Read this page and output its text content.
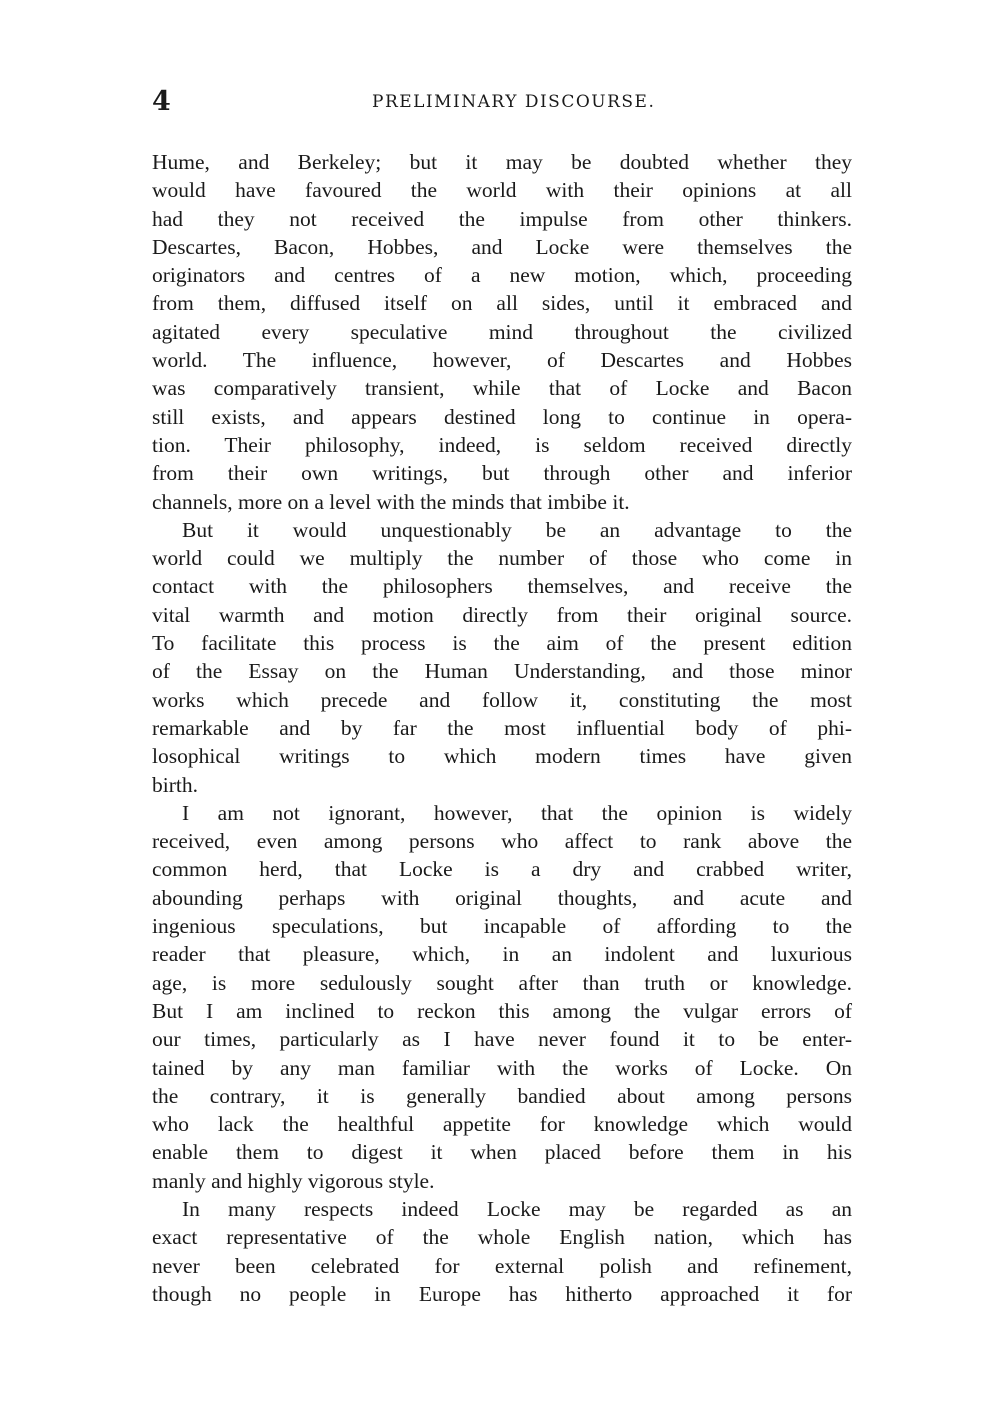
4	PRELIMINARY DISCOURSE.

Hume, and Berkeley; but it may be doubted whether they
would have favoured the world with their opinions at all
had they not received the impulse from other thinkers.
Descartes, Bacon, Hobbes, and Locke were themselves the
originators and centres of a new motion, which, proceeding
from them, diffused itself on all sides, until it embraced and
agitated every speculative mind throughout the civilized
world. The influence, however, of Descartes and Hobbes
was comparatively transient, while that of Locke and Bacon
still exists, and appears destined long to continue in opera-
tion. Their philosophy, indeed, is seldom received directly
from their own writings, but through other and inferior
channels, more on a level with the minds that imbibe it.

But it would unquestionably be an advantage to the
world could we multiply the number of those who come in
contact with the philosophers themselves, and receive the
vital warmth and motion directly from their original source.
To facilitate this process is the aim of the present edition
of the Essay on the Human Understanding, and those minor
works which precede and follow it, constituting the most
remarkable and by far the most influential body of phi-
losophical writings to which modern times have given
birth.

I am not ignorant, however, that the opinion is widely
received, even among persons who affect to rank above the
common herd, that Locke is a dry and crabbed writer,
abounding perhaps with original thoughts, and acute and
ingenious speculations, but incapable of affording to the
reader that pleasure, which, in an indolent and luxurious
age, is more sedulously sought after than truth or knowledge.
But I am inclined to reckon this among the vulgar errors of
our times, particularly as I have never found it to be enter-
tained by any man familiar with the works of Locke. On
the contrary, it is generally bandied about among persons
who lack the healthful appetite for knowledge which would
enable them to digest it when placed before them in his
manly and highly vigorous style.

In many respects indeed Locke may be regarded as an
exact representative of the whole English nation, which has
never been celebrated for external polish and refinement,
though no people in Europe has hitherto approached it for
